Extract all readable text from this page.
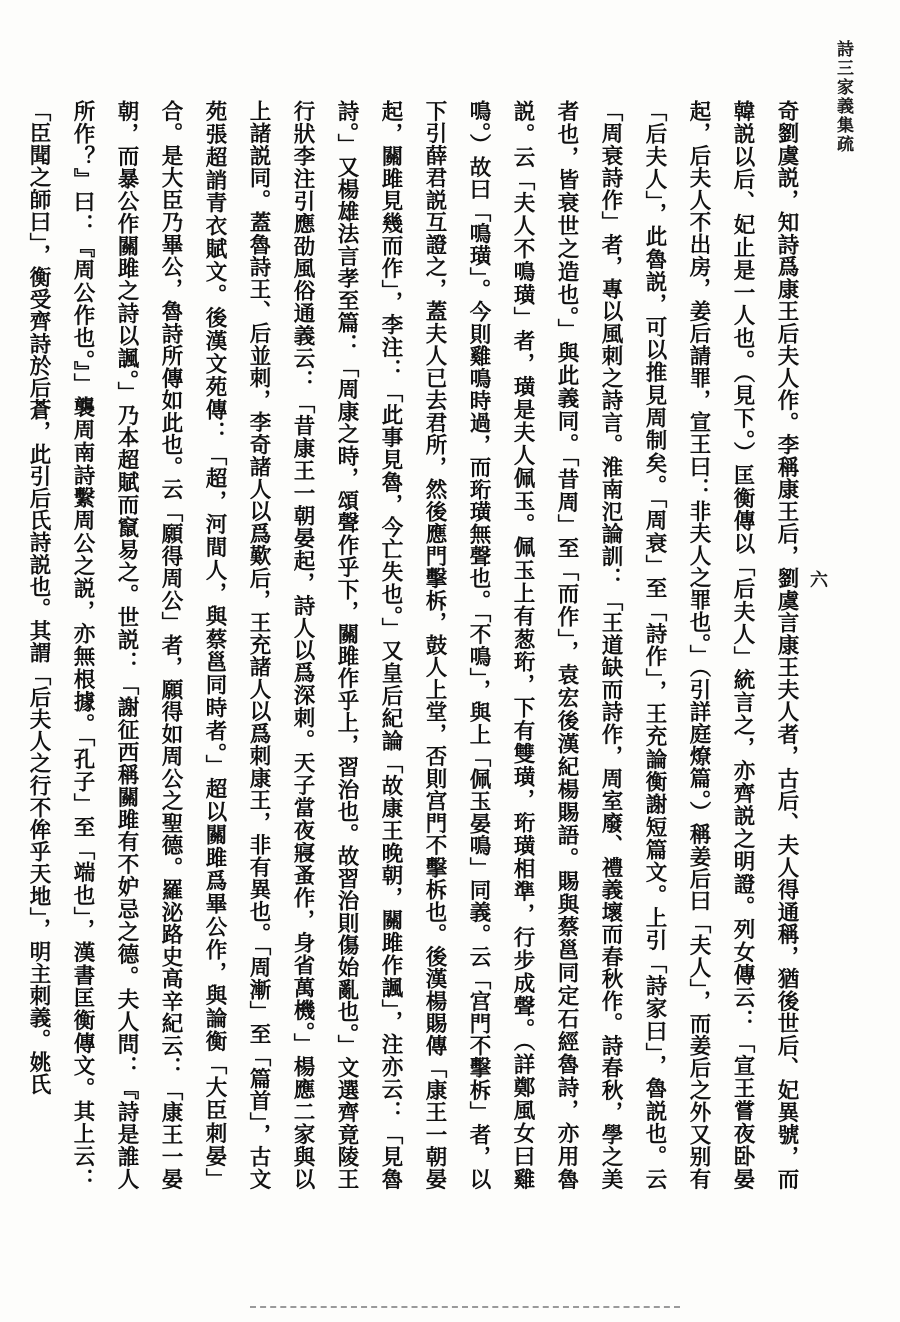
詩三家義集疏
六

奇劉虞説，知詩爲康王后夫人作。李稱康王后，劉虞言康王夫人者，古后、夫人得通稱，猶後世后、妃異號，而韓説以后、妃止是一人也。（見下。）匡衡傳以「后夫人」統言之，亦齊説之明證。列女傳云：「宣王嘗夜卧晏起，后夫人不出房，姜后請罪，宣王曰：非夫人之罪也。」（引詳庭燎篇。）稱姜后曰「夫人」，而姜后之外又别有「后夫人」，此魯説，可以推見周制矣。「周衰」至「詩作」，王充論衡謝短篇文。上引「詩家曰」，魯説也。云「周衰詩作」者，專以風刺之詩言。淮南氾論訓：「王道缺而詩作，周室廢、禮義壞而春秋作。詩春秋，學之美者也，皆衰世之造也。」與此義同。「昔周」至「而作」，袁宏後漢紀楊賜語。賜與蔡邕同定石經魯詩，亦用魯説。云「夫人不鳴璜」者，璜是夫人佩玉。佩玉上有葱珩，下有雙璜，珩璜相準，行步成聲。（詳鄭風女曰雞鳴。）故曰「鳴璜」。今則雞鳴時過，而珩璜無聲也。「不鳴」，與上「佩玉晏鳴」同義。云「宫門不擊柝」者，以下引薛君説互證之，蓋夫人已去君所，然後應門擊柝，鼓人上堂，否則宫門不擊柝也。後漢楊賜傳「康王一朝晏起，關雎見幾而作」，李注：「此事見魯，今亡失也。」又皇后紀論「故康王晚朝，關雎作諷」，注亦云：「見魯詩。」又楊雄法言孝至篇：「周康之時，頌聲作乎下，關雎作乎上，習治也。故習治則傷始亂也。」文選齊竟陵王行狀李注引應劭風俗通義云：「昔康王一朝晏起，詩人以爲深刺。天子當夜寢蚤作，身省萬機。」楊應二家與以上諸説同。蓋魯詩王、后並刺，李奇諸人以爲歎后，王充諸人以爲刺康王，非有異也。「周漸」至「篇首」，古文苑張超誚青衣賦文。後漢文苑傳：「超，河間人，與蔡邕同時者。」超以關雎爲畢公作，與論衡「大臣刺晏」合。是大臣乃畢公，魯詩所傳如此也。云「願得周公」者，願得如周公之聖德。羅泌路史高辛紀云：「康王一晏朝，而暴公作關雎之詩以諷。」乃本超賦而竄易之。世説：「謝征西稱關雎有不妒忌之德。夫人問：『詩是誰人所作？』曰：『周公作也。』」襲周南詩繫周公之説，亦無根據。「孔子」至「端也」，漢書匡衡傳文。其上云：「臣聞之師曰」，衡受齊詩於后蒼，此引后氏詩説也。其謂「后夫人之行不侔乎天地」，明主刺義。姚氏
